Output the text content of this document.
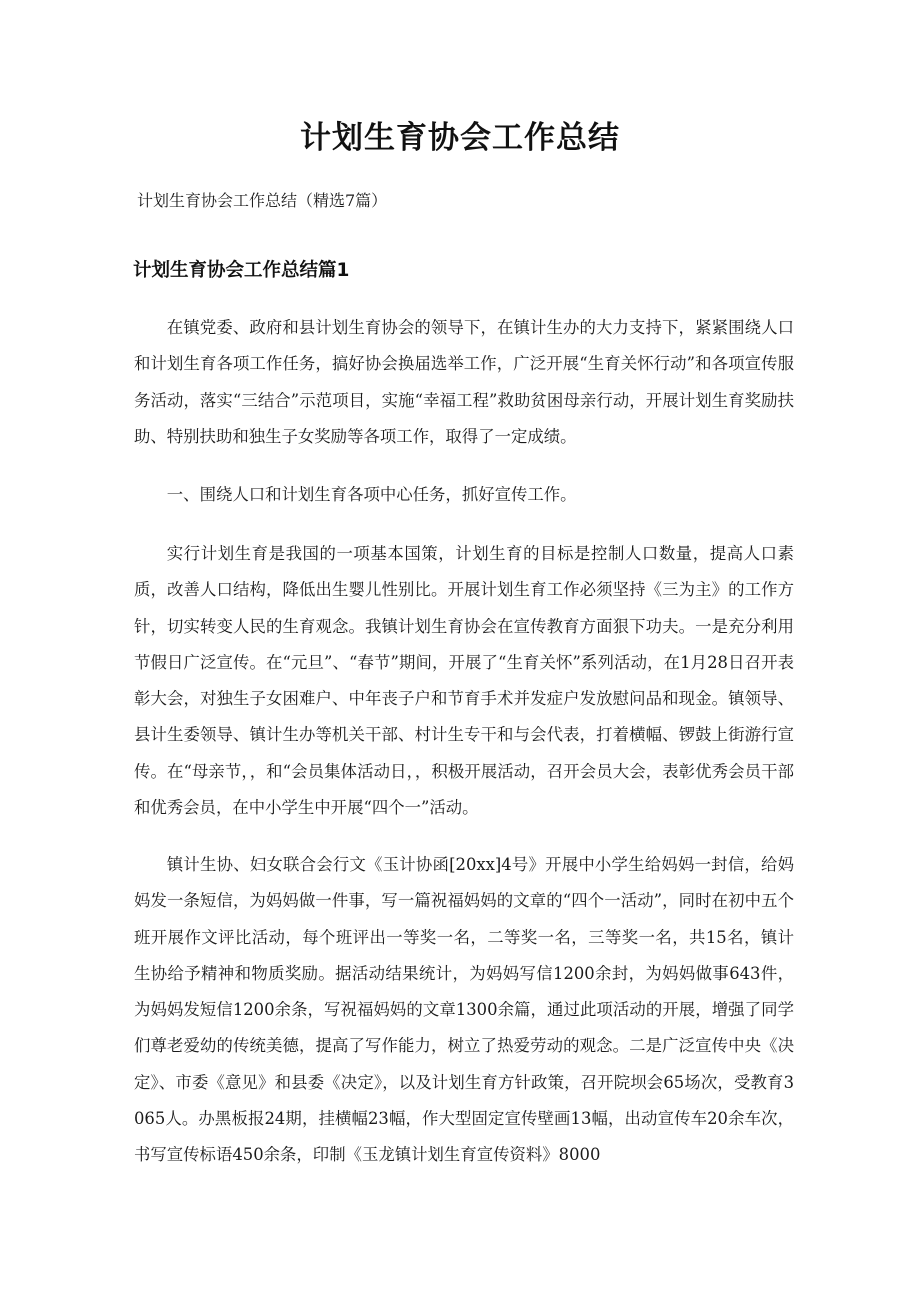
计划生育协会工作总结

计划生育协会工作总结（精选7篇）

计划生育协会工作总结篇1

在镇党委、政府和县计划生育协会的领导下，在镇计生办的大力支持下，紧紧围绕人口和计划生育各项工作任务，搞好协会换届选举工作，广泛开展“生育关怀行动”和各项宣传服务活动，落实“三结合”示范项目，实施“幸福工程”救助贫困母亲行动，开展计划生育奖励扶助、特别扶助和独生子女奖励等各项工作，取得了一定成绩。

一、围绕人口和计划生育各项中心任务，抓好宣传工作。

实行计划生育是我国的一项基本国策，计划生育的目标是控制人口数量，提高人口素质，改善人口结构，降低出生婴儿性别比。开展计划生育工作必须坚持《三为主》的工作方针，切实转变人民的生育观念。我镇计划生育协会在宣传教育方面狠下功夫。一是充分利用节假日广泛宣传。在“元旦”、“春节”期间，开展了“生育关怀”系列活动，在1月28日召开表彰大会，对独生子女困难户、中年丧子户和节育手术并发症户发放慰问品和现金。镇领导、县计生委领导、镇计生办等机关干部、村计生专干和与会代表，打着横幅、锣鼓上街游行宣传。在“母亲节，，和“会员集体活动日，，积极开展活动，召开会员大会，表彰优秀会员干部和优秀会员，在中小学生中开展“四个一”活动。

镇计生协、妇女联合会行文《玉计协函[20xx]4号》开展中小学生给妈妈一封信，给妈妈发一条短信，为妈妈做一件事，写一篇祝福妈妈的文章的“四个一活动”，同时在初中五个班开展作文评比活动，每个班评出一等奖一名，二等奖一名，三等奖一名，共15名，镇计生协给予精神和物质奖励。据活动结果统计，为妈妈写信1200余封，为妈妈做事643件，为妈妈发短信1200余条，写祝福妈妈的文章1300余篇，通过此项活动的开展，增强了同学们尊老爱幼的传统美德，提高了写作能力，树立了热爱劳动的观念。二是广泛宣传中央《决定》、市委《意见》和县委《决定》，以及计划生育方针政策，召开院坝会65场次，受教育3065人。办黑板报24期，挂横幅23幅，作大型固定宣传壁画13幅，出动宣传车20余车次，书写宣传标语450余条，印制《玉龙镇计划生育宣传资料》8000
